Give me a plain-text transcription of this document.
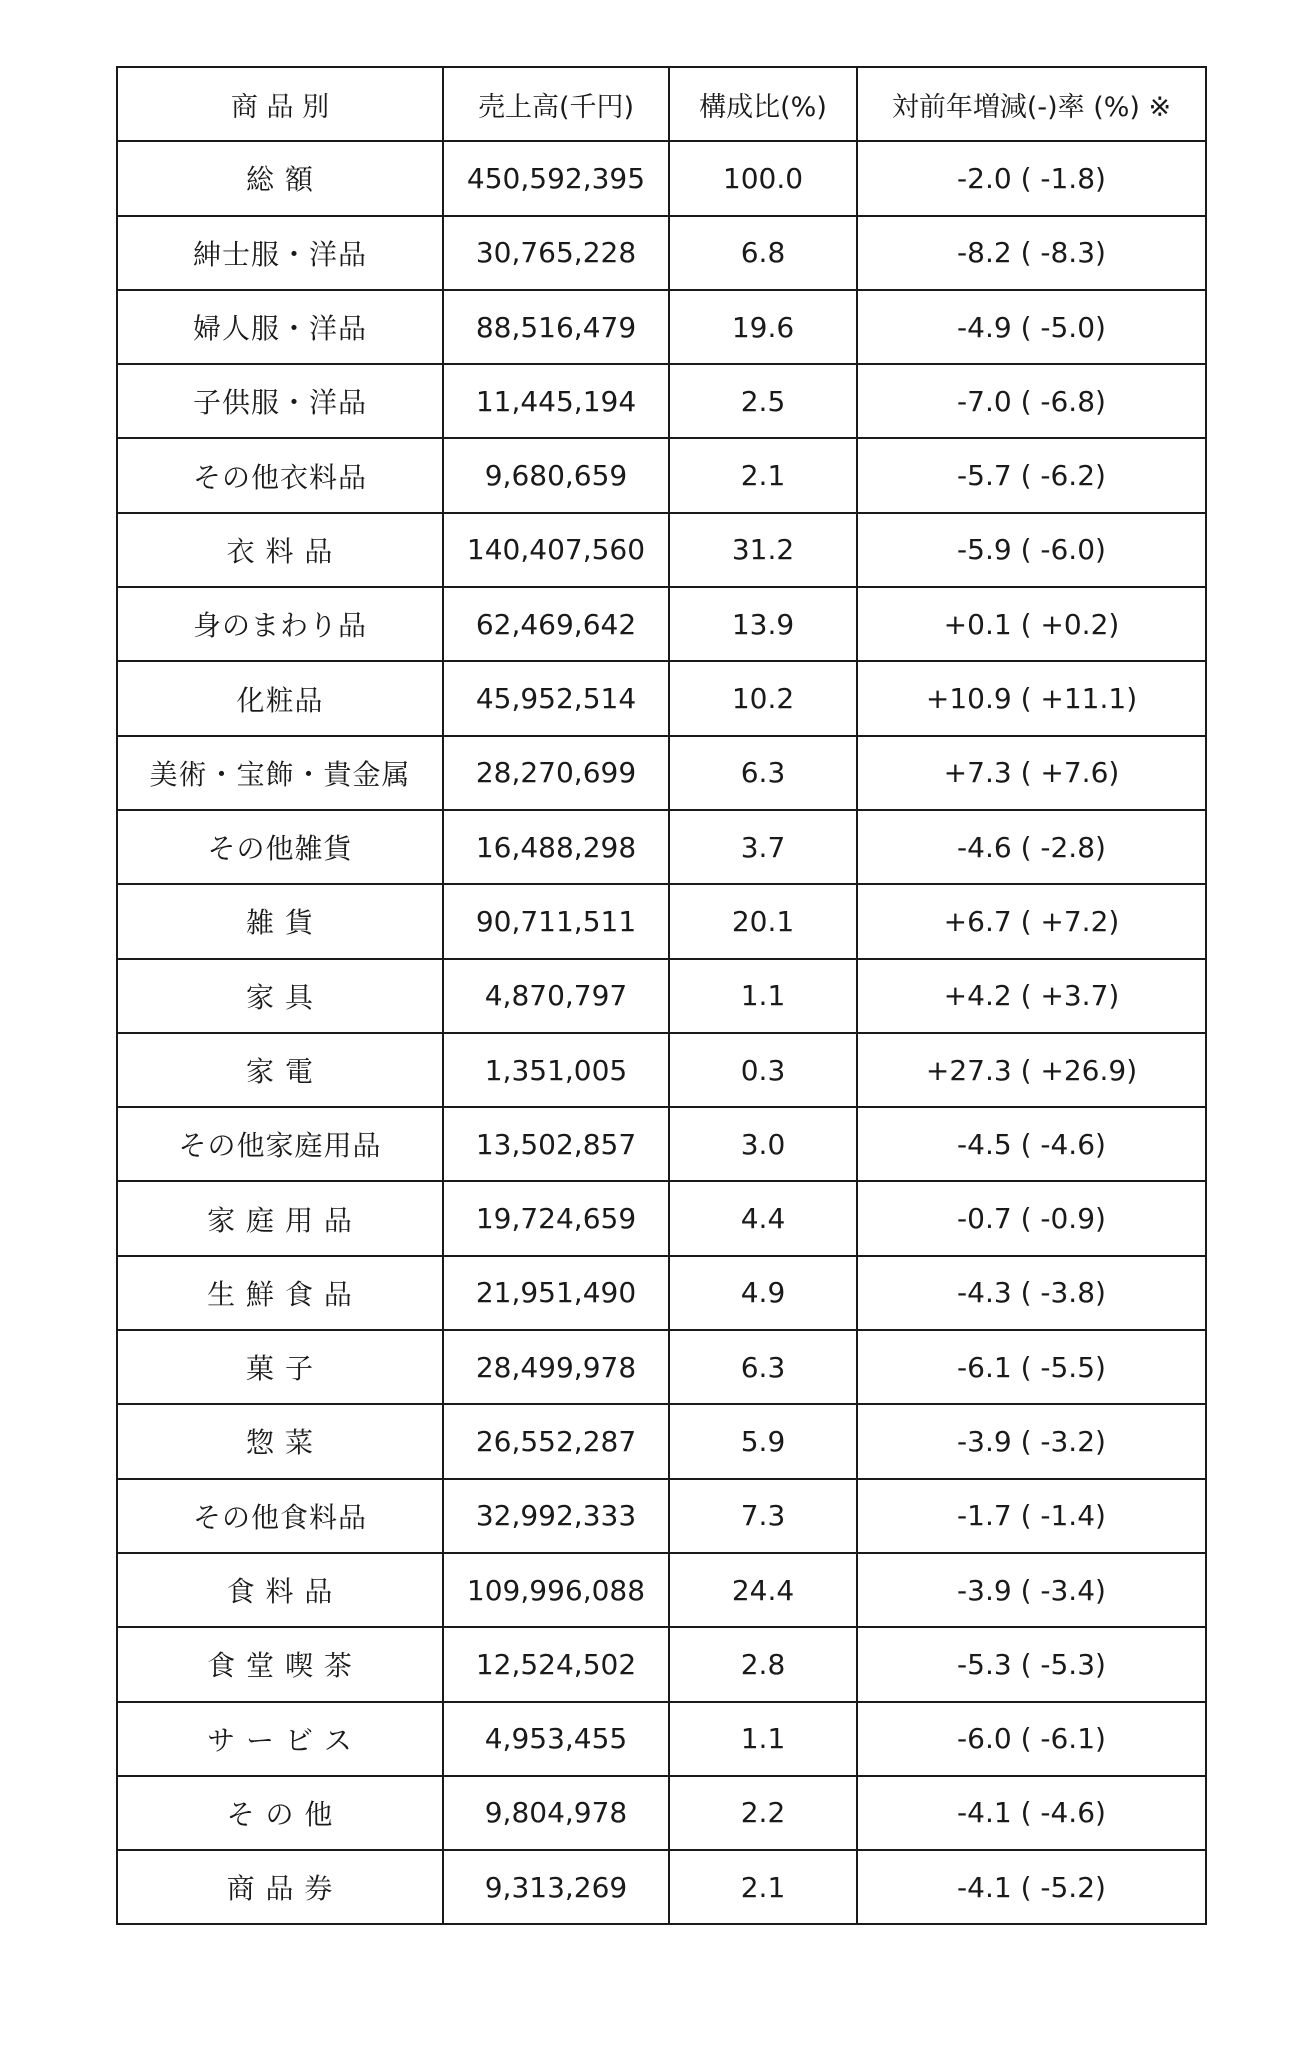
商 品 別	売上高(千円)	構成比(%)	対前年増減(-)率 (%) ※
総 額	450,592,395	100.0	-2.0 ( -1.8)
紳士服・洋品	30,765,228	6.8	-8.2 ( -8.3)
婦人服・洋品	88,516,479	19.6	-4.9 ( -5.0)
子供服・洋品	11,445,194	2.5	-7.0 ( -6.8)
その他衣料品	9,680,659	2.1	-5.7 ( -6.2)
衣 料 品	140,407,560	31.2	-5.9 ( -6.0)
身のまわり品	62,469,642	13.9	+0.1 ( +0.2)
化粧品	45,952,514	10.2	+10.9 ( +11.1)
美術・宝飾・貴金属	28,270,699	6.3	+7.3 ( +7.6)
その他雑貨	16,488,298	3.7	-4.6 ( -2.8)
雑 貨	90,711,511	20.1	+6.7 ( +7.2)
家 具	4,870,797	1.1	+4.2 ( +3.7)
家 電	1,351,005	0.3	+27.3 ( +26.9)
その他家庭用品	13,502,857	3.0	-4.5 ( -4.6)
家 庭 用 品	19,724,659	4.4	-0.7 ( -0.9)
生 鮮 食 品	21,951,490	4.9	-4.3 ( -3.8)
菓 子	28,499,978	6.3	-6.1 ( -5.5)
惣 菜	26,552,287	5.9	-3.9 ( -3.2)
その他食料品	32,992,333	7.3	-1.7 ( -1.4)
食 料 品	109,996,088	24.4	-3.9 ( -3.4)
食 堂 喫 茶	12,524,502	2.8	-5.3 ( -5.3)
サ ー ビ ス	4,953,455	1.1	-6.0 ( -6.1)
そ の 他	9,804,978	2.2	-4.1 ( -4.6)
商 品 券	9,313,269	2.1	-4.1 ( -5.2)
